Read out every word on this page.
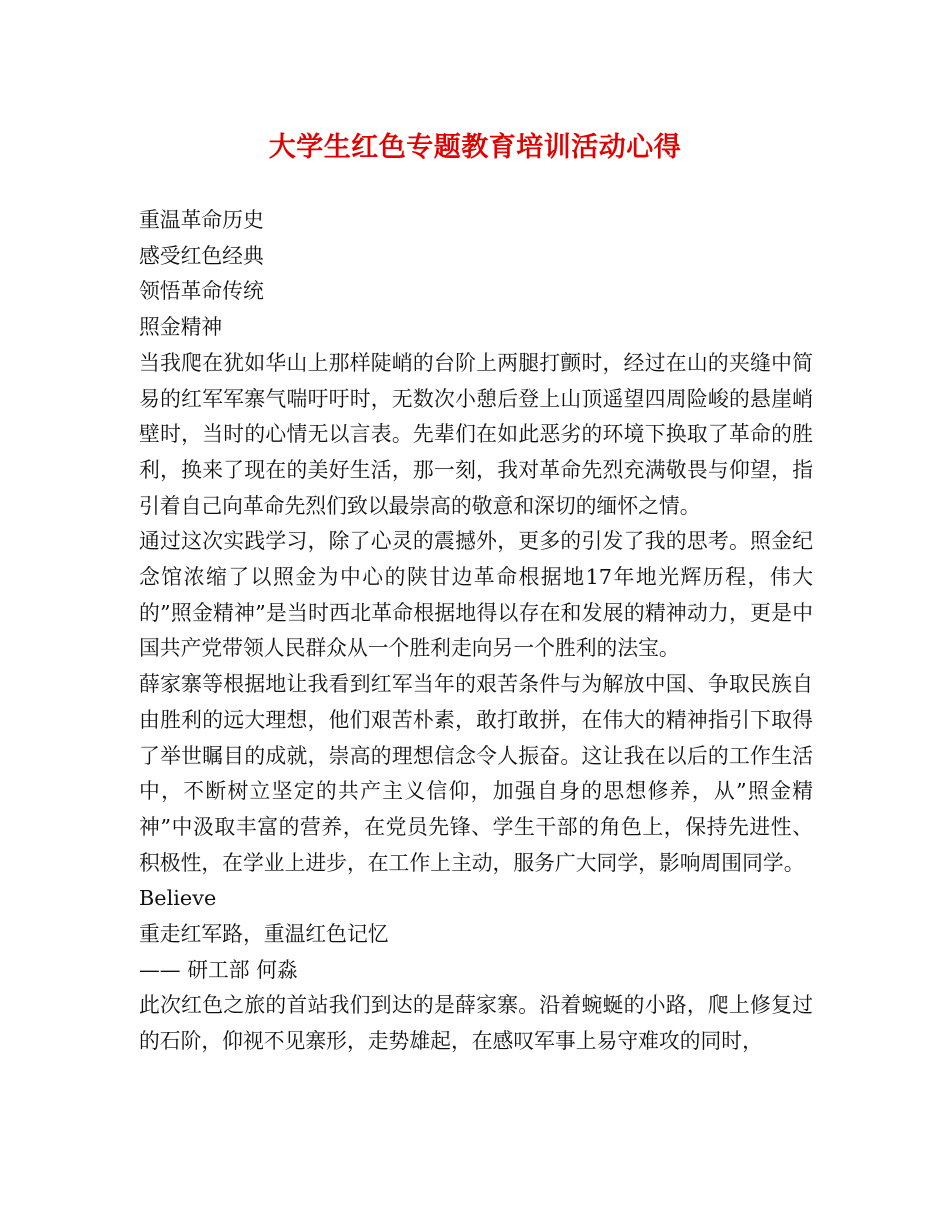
大学生红色专题教育培训活动心得

重温革命历史

感受红色经典

领悟革命传统

照金精神

当我爬在犹如华山上那样陡峭的台阶上两腿打颤时，经过在山的夹缝中简易的红军军寨气喘吁吁时，无数次小憩后登上山顶遥望四周险峻的悬崖峭壁时，当时的心情无以言表。先辈们在如此恶劣的环境下换取了革命的胜利，换来了现在的美好生活，那一刻，我对革命先烈充满敬畏与仰望，指引着自己向革命先烈们致以最崇高的敬意和深切的缅怀之情。

通过这次实践学习，除了心灵的震撼外，更多的引发了我的思考。照金纪念馆浓缩了以照金为中心的陕甘边革命根据地17年地光辉历程，伟大的”照金精神”是当时西北革命根据地得以存在和发展的精神动力，更是中国共产党带领人民群众从一个胜利走向另一个胜利的法宝。

薛家寨等根据地让我看到红军当年的艰苦条件与为解放中国、争取民族自由胜利的远大理想，他们艰苦朴素，敢打敢拼，在伟大的精神指引下取得了举世瞩目的成就，崇高的理想信念令人振奋。这让我在以后的工作生活中，不断树立坚定的共产主义信仰，加强自身的思想修养，从”照金精神”中汲取丰富的营养，在党员先锋、学生干部的角色上，保持先进性、积极性，在学业上进步，在工作上主动，服务广大同学，影响周围同学。

Believe

重走红军路，重温红色记忆

—— 研工部 何淼

此次红色之旅的首站我们到达的是薛家寨。沿着蜿蜒的小路，爬上修复过的石阶，仰视不见寨形，走势雄起，在感叹军事上易守难攻的同时，
